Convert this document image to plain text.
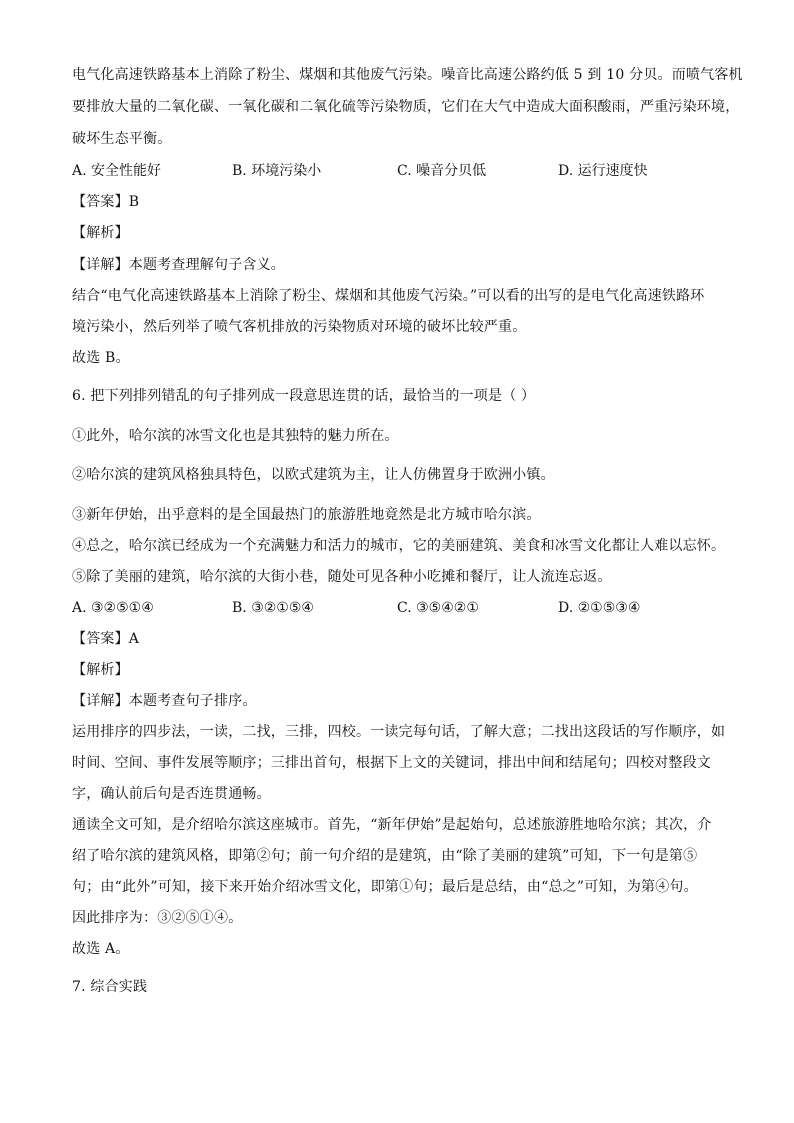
电气化高速铁路基本上消除了粉尘、煤烟和其他废气污染。噪音比高速公路约低 5 到 10 分贝。而喷气客机
要排放大量的二氧化碳、一氧化碳和二氧化硫等污染物质，它们在大气中造成大面积酸雨，严重污染环境，
破坏生态平衡。
A. 安全性能好	B. 环境污染小	C. 噪音分贝低	D. 运行速度快
【答案】B
【解析】
【详解】本题考查理解句子含义。
结合“电气化高速铁路基本上消除了粉尘、煤烟和其他废气污染。”可以看的出写的是电气化高速铁路环
境污染小，然后列举了喷气客机排放的污染物质对环境的破坏比较严重。
故选 B。
6. 把下列排列错乱的句子排列成一段意思连贯的话，最恰当的一项是（ ）
①此外，哈尔滨的冰雪文化也是其独特的魅力所在。
②哈尔滨的建筑风格独具特色，以欧式建筑为主，让人仿佛置身于欧洲小镇。
③新年伊始，出乎意料的是全国最热门的旅游胜地竟然是北方城市哈尔滨。
④总之，哈尔滨已经成为一个充满魅力和活力的城市，它的美丽建筑、美食和冰雪文化都让人难以忘怀。
⑤除了美丽的建筑，哈尔滨的大街小巷，随处可见各种小吃摊和餐厅，让人流连忘返。
A. ③②⑤①④	B. ③②①⑤④	C. ③⑤④②①	D. ②①⑤③④
【答案】A
【解析】
【详解】本题考查句子排序。
运用排序的四步法，一读，二找，三排，四校。一读完每句话，了解大意；二找出这段话的写作顺序，如
时间、空间、事件发展等顺序；三排出首句，根据下上文的关键词，排出中间和结尾句；四校对整段文
字，确认前后句是否连贯通畅。
通读全文可知，是介绍哈尔滨这座城市。首先，“新年伊始”是起始句，总述旅游胜地哈尔滨；其次，介
绍了哈尔滨的建筑风格，即第②句；前一句介绍的是建筑，由“除了美丽的建筑”可知，下一句是第⑤
句；由“此外”可知，接下来开始介绍冰雪文化，即第①句；最后是总结，由“总之”可知，为第④句。
因此排序为：③②⑤①④。
故选 A。
7. 综合实践
